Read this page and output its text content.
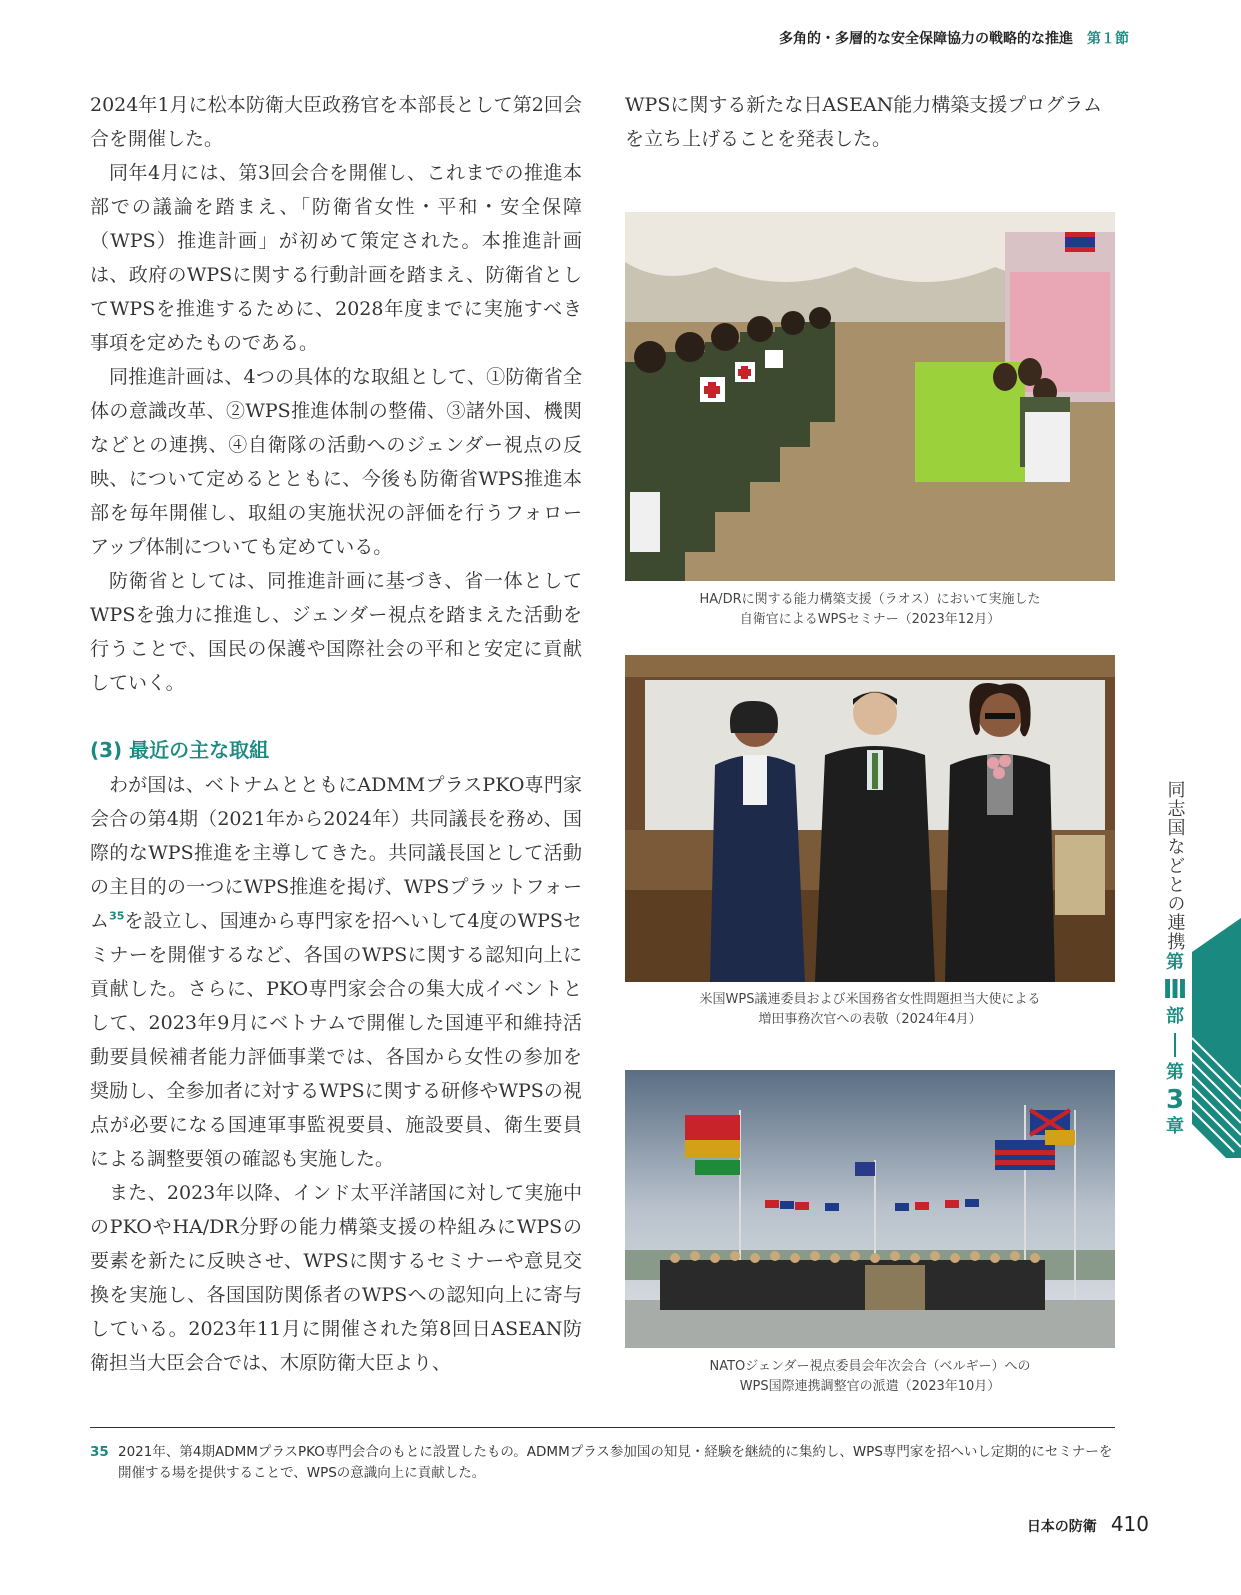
多角的・多層的な安全保障協力の戦略的な推進 第１節

2024年1月に松本防衛大臣政務官を本部長として第2回会合を開催した。

同年4月には、第3回会合を開催し、これまでの推進本部での議論を踏まえ、「防衛省女性・平和・安全保障（WPS）推進計画」が初めて策定された。本推進計画は、政府のWPSに関する行動計画を踏まえ、防衛省としてWPSを推進するために、2028年度までに実施すべき事項を定めたものである。

同推進計画は、4つの具体的な取組として、①防衛省全体の意識改革、②WPS推進体制の整備、③諸外国、機関などとの連携、④自衛隊の活動へのジェンダー視点の反映、について定めるとともに、今後も防衛省WPS推進本部を毎年開催し、取組の実施状況の評価を行うフォローアップ体制についても定めている。

防衛省としては、同推進計画に基づき、省一体としてWPSを強力に推進し、ジェンダー視点を踏まえた活動を行うことで、国民の保護や国際社会の平和と安定に貢献していく。

(3) 最近の主な取組

わが国は、ベトナムとともにADMMプラスPKO専門家会合の第4期（2021年から2024年）共同議長を務め、国際的なWPS推進を主導してきた。共同議長国として活動の主目的の一つにWPS推進を掲げ、WPSプラットフォーム$^{35}$を設立し、国連から専門家を招へいして4度のWPSセミナーを開催するなど、各国のWPSに関する認知向上に貢献した。さらに、PKO専門家会合の集大成イベントとして、2023年9月にベトナムで開催した国連平和維持活動要員候補者能力評価事業では、各国から女性の参加を奨励し、全参加者に対するWPSに関する研修やWPSの視点が必要になる国連軍事監視要員、施設要員、衛生要員による調整要領の確認も実施した。

また、2023年以降、インド太平洋諸国に対して実施中のPKOやHA/DR分野の能力構築支援の枠組みにWPSの要素を新たに反映させ、WPSに関するセミナーや意見交換を実施し、各国国防関係者のWPSへの認知向上に寄与している。2023年11月に開催された第8回日ASEAN防衛担当大臣会合では、木原防衛大臣より、

WPSに関する新たな日ASEAN能力構築支援プログラムを立ち上げることを発表した。

HA/DRに関する能力構築支援（ラオス）において実施した
自衛官によるWPSセミナー（2023年12月）
米国WPS議連委員および米国務省女性問題担当大使による
増田事務次官への表敬（2024年4月）
NATOジェンダー視点委員会年次会合（ベルギー）への
WPS国際連携調整官の派遣（2023年10月）
同志国などとの連携
第
Ⅲ
部
第
3
章
35 2021年、第4期ADMMプラスPKO専門会合のもとに設置したもの。ADMMプラス参加国の知見・経験を継続的に集約し、WPS専門家を招へいし定期的にセミナーを開催する場を提供することで、WPSの意識向上に貢献した。
日本の防衛 410
